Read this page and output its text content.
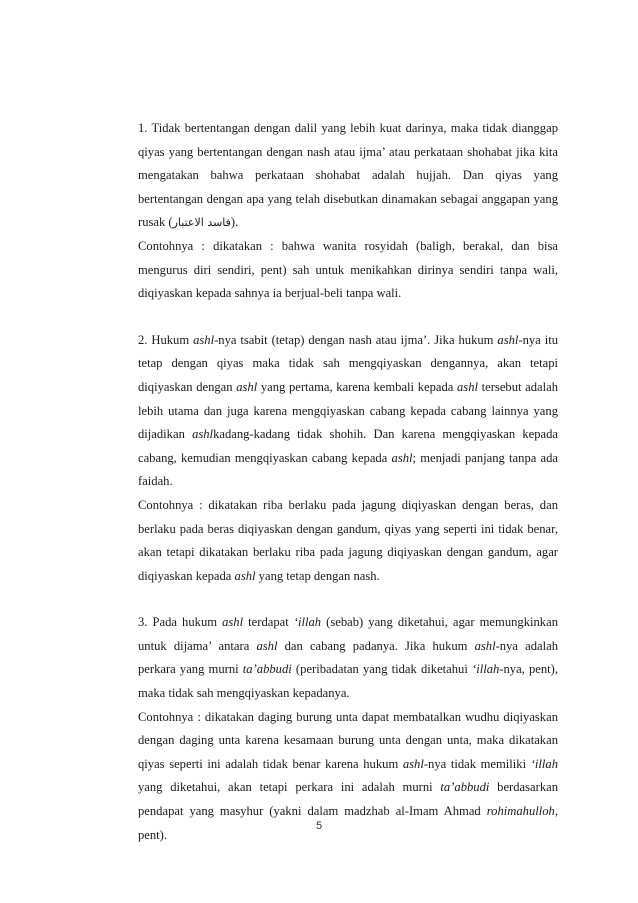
1. Tidak bertentangan dengan dalil yang lebih kuat darinya, maka tidak dianggap qiyas yang bertentangan dengan nash atau ijma’ atau perkataan shohabat jika kita mengatakan bahwa perkataan shohabat adalah hujjah. Dan qiyas yang bertentangan dengan apa yang telah disebutkan dinamakan sebagai anggapan yang rusak (فاسد الاعتبار).

Contohnya : dikatakan : bahwa wanita rosyidah (baligh, berakal, dan bisa mengurus diri sendiri, pent) sah untuk menikahkan dirinya sendiri tanpa wali, diqiyaskan kepada sahnya ia berjual-beli tanpa wali.

2. Hukum ashl-nya tsabit (tetap) dengan nash atau ijma’. Jika hukum ashl-nya itu tetap dengan qiyas maka tidak sah mengqiyaskan dengannya, akan tetapi diqiyaskan dengan ashl yang pertama, karena kembali kepada ashl tersebut adalah lebih utama dan juga karena mengqiyaskan cabang kepada cabang lainnya yang dijadikan ashlkadang-kadang tidak shohih. Dan karena mengqiyaskan kepada cabang, kemudian mengqiyaskan cabang kepada ashl; menjadi panjang tanpa ada faidah.

Contohnya : dikatakan riba berlaku pada jagung diqiyaskan dengan beras, dan berlaku pada beras diqiyaskan dengan gandum, qiyas yang seperti ini tidak benar, akan tetapi dikatakan berlaku riba pada jagung diqiyaskan dengan gandum, agar diqiyaskan kepada ashl yang tetap dengan nash.

3. Pada hukum ashl terdapat ‘illah (sebab) yang diketahui, agar memungkinkan untuk dijama’ antara ashl dan cabang padanya. Jika hukum ashl-nya adalah perkara yang murni ta’abbudi (peribadatan yang tidak diketahui ‘illah-nya, pent), maka tidak sah mengqiyaskan kepadanya.

Contohnya : dikatakan daging burung unta dapat membatalkan wudhu diqiyaskan dengan daging unta karena kesamaan burung unta dengan unta, maka dikatakan qiyas seperti ini adalah tidak benar karena hukum ashl-nya tidak memiliki ‘illah yang diketahui, akan tetapi perkara ini adalah murni ta’abbudi berdasarkan pendapat yang masyhur (yakni dalam madzhab al-Imam Ahmad rohimahulloh, pent).

5
